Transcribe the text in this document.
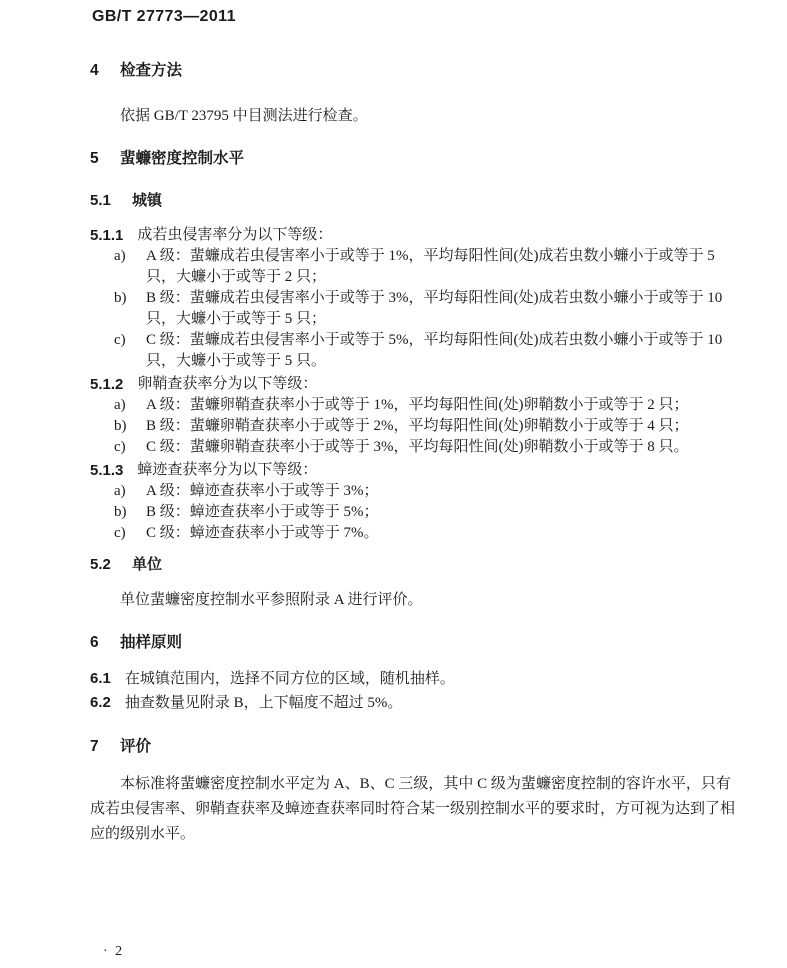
GB/T 27773—2011
4	检查方法
依据 GB/T 23795 中目测法进行检查。
5	蜚蠊密度控制水平
5.1	城镇
5.1.1 成若虫侵害率分为以下等级：
a)	A 级：蜚蠊成若虫侵害率小于或等于 1%，平均每阳性间(处)成若虫数小蠊小于或等于 5 只，大蠊小于或等于 2 只；
b)	B 级：蜚蠊成若虫侵害率小于或等于 3%，平均每阳性间(处)成若虫数小蠊小于或等于 10 只，大蠊小于或等于 5 只；
c)	C 级：蜚蠊成若虫侵害率小于或等于 5%，平均每阳性间(处)成若虫数小蠊小于或等于 10 只，大蠊小于或等于 5 只。
5.1.2 卵鞘查获率分为以下等级：
a)	A 级：蜚蠊卵鞘查获率小于或等于 1%，平均每阳性间(处)卵鞘数小于或等于 2 只；
b)	B 级：蜚蠊卵鞘查获率小于或等于 2%，平均每阳性间(处)卵鞘数小于或等于 4 只；
c)	C 级：蜚蠊卵鞘查获率小于或等于 3%，平均每阳性间(处)卵鞘数小于或等于 8 只。
5.1.3 蟑迹查获率分为以下等级：
a)	A 级：蟑迹查获率小于或等于 3%；
b)	B 级：蟑迹查获率小于或等于 5%；
c)	C 级：蟑迹查获率小于或等于 7%。
5.2	单位
单位蜚蠊密度控制水平参照附录 A 进行评价。
6	抽样原则
6.1 在城镇范围内，选择不同方位的区域，随机抽样。
6.2 抽查数量见附录 B，上下幅度不超过 5%。
7	评价
本标准将蜚蠊密度控制水平定为 A、B、C 三级，其中 C 级为蜚蠊密度控制的容许水平，只有成若虫侵害率、卵鞘查获率及蟑迹查获率同时符合某一级别控制水平的要求时，方可视为达到了相应的级别水平。
· 2
